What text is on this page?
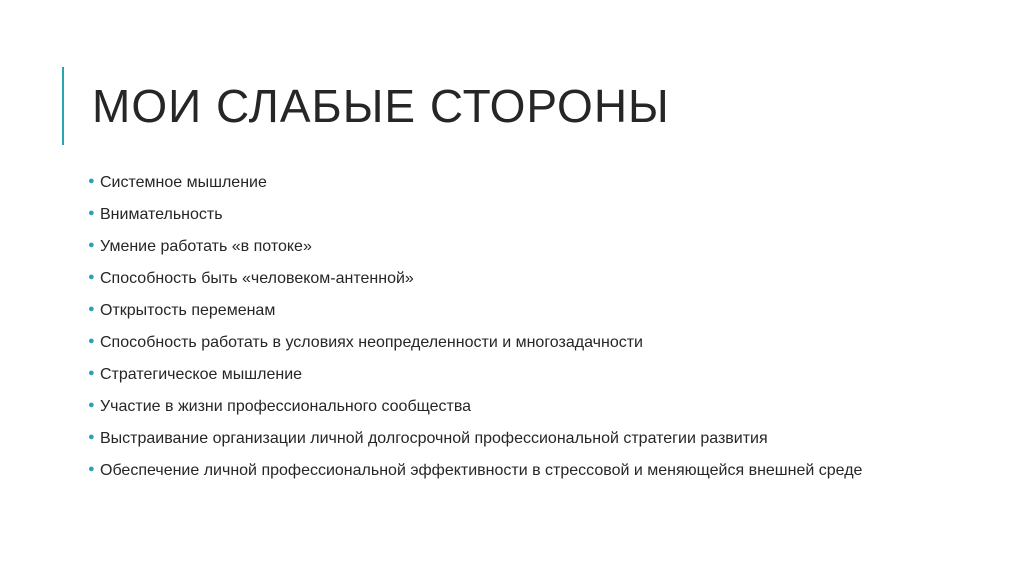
МОИ СЛАБЫЕ СТОРОНЫ
● Системное мышление
● Внимательность
● Умение работать «в потоке»
● Способность быть «человеком-антенной»
● Открытость переменам
● Способность работать в условиях неопределенности и многозадачности
● Стратегическое мышление
● Участие в жизни профессионального сообщества
● Выстраивание организации личной долгосрочной профессиональной стратегии развития
● Обеспечение личной профессиональной эффективности в стрессовой и меняющейся внешней среде
